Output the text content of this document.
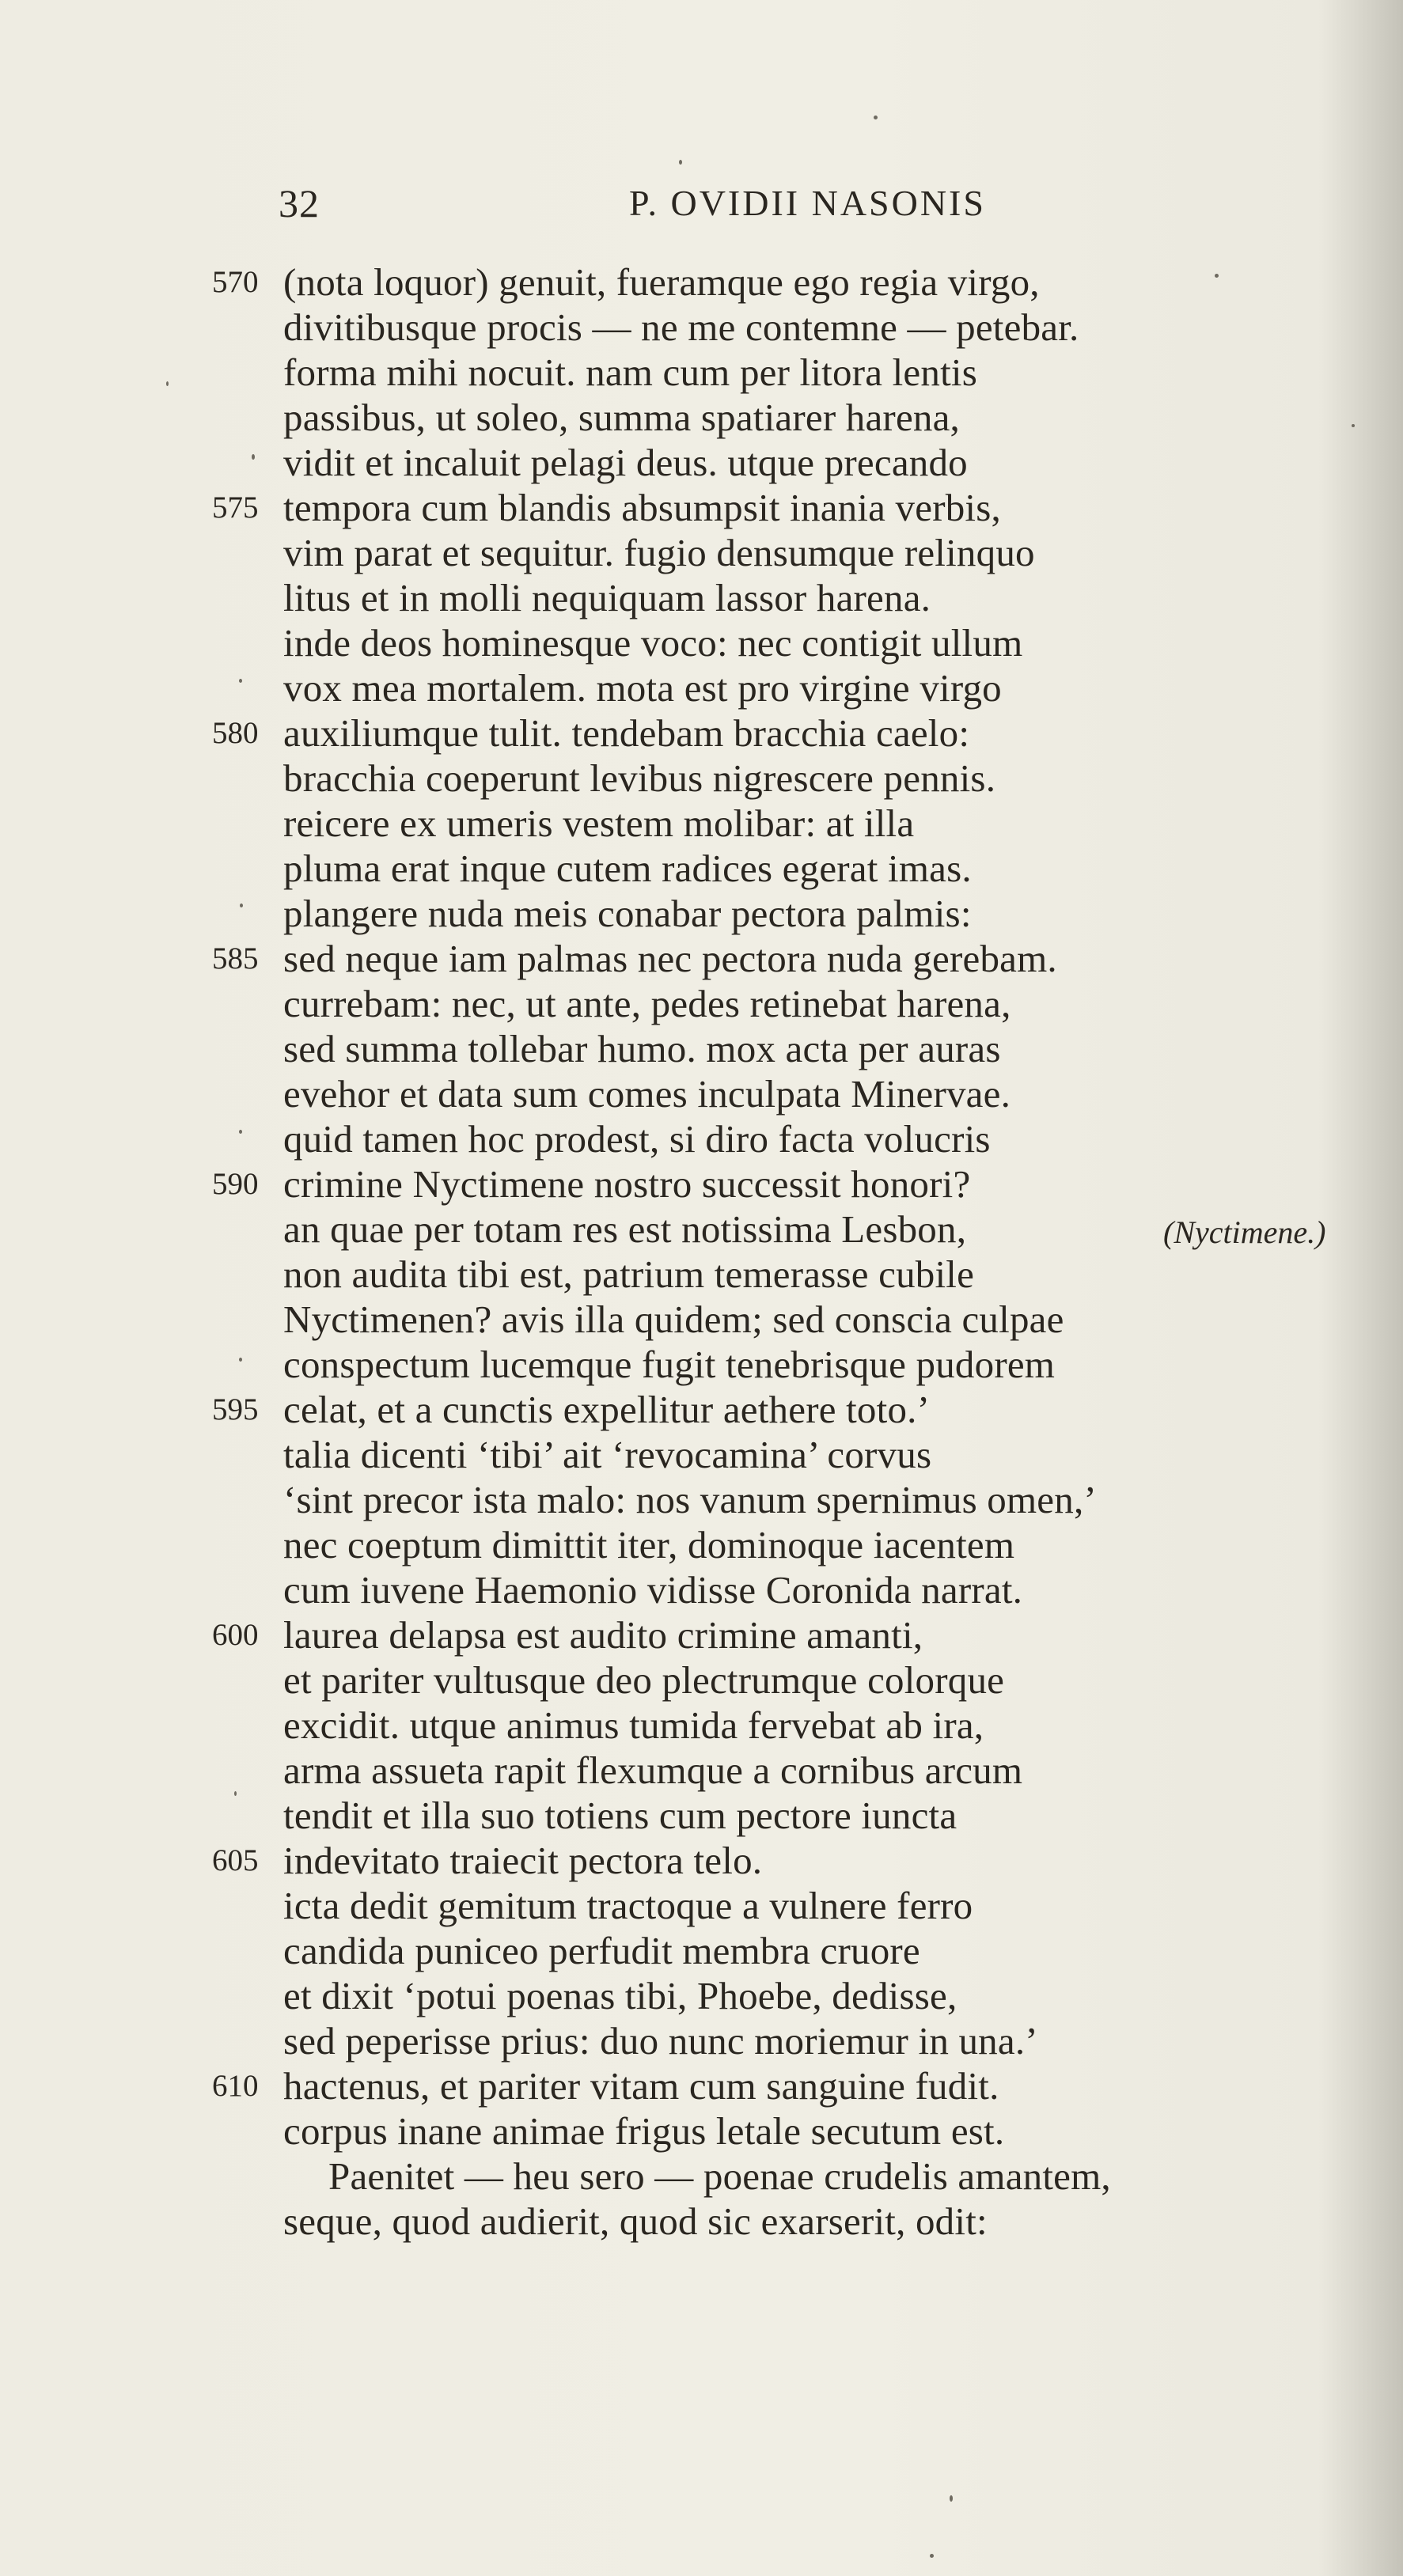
32	P. OVIDII NASONIS
570 (nota loquor) genuit, fueramque ego regia virgo,
divitibusque procis — ne me contemne — petebar.
forma mihi nocuit. nam cum per litora lentis
passibus, ut soleo, summa spatiarer harena,
vidit et incaluit pelagi deus. utque precando
575 tempora cum blandis absumpsit inania verbis,
vim parat et sequitur. fugio densumque relinquo
litus et in molli nequiquam lassor harena.
inde deos hominesque voco: nec contigit ullum
vox mea mortalem. mota est pro virgine virgo
580 auxiliumque tulit. tendebam bracchia caelo:
bracchia coeperunt levibus nigrescere pennis.
reicere ex umeris vestem molibar: at illa
pluma erat inque cutem radices egerat imas.
plangere nuda meis conabar pectora palmis:
585 sed neque iam palmas nec pectora nuda gerebam.
currebam: nec, ut ante, pedes retinebat harena,
sed summa tollebar humo. mox acta per auras
evehor et data sum comes inculpata Minervae.
quid tamen hoc prodest, si diro facta volucris
590 crimine Nyctimene nostro successit honori?
an quae per totam res est notissima Lesbon,	(Nyctimene.)
non audita tibi est, patrium temerasse cubile
Nyctimenen? avis illa quidem; sed conscia culpae
conspectum lucemque fugit tenebrisque pudorem
595 celat, et a cunctis expellitur aethere toto.’
talia dicenti ‘tibi’ ait ‘revocamina’ corvus
‘sint precor ista malo: nos vanum spernimus omen,’
nec coeptum dimittit iter, dominoque iacentem
cum iuvene Haemonio vidisse Coronida narrat.
600 laurea delapsa est audito crimine amanti,
et pariter vultusque deo plectrumque colorque
excidit. utque animus tumida fervebat ab ira,
arma assueta rapit flexumque a cornibus arcum
tendit et illa suo totiens cum pectore iuncta
605 indevitato traiecit pectora telo.
icta dedit gemitum tractoque a vulnere ferro
candida puniceo perfudit membra cruore
et dixit ‘potui poenas tibi, Phoebe, dedisse,
sed peperisse prius: duo nunc moriemur in una.’
610 hactenus, et pariter vitam cum sanguine fudit.
corpus inane animae frigus letale secutum est.
Paenitet — heu sero — poenae crudelis amantem,
seque, quod audierit, quod sic exarserit, odit:
